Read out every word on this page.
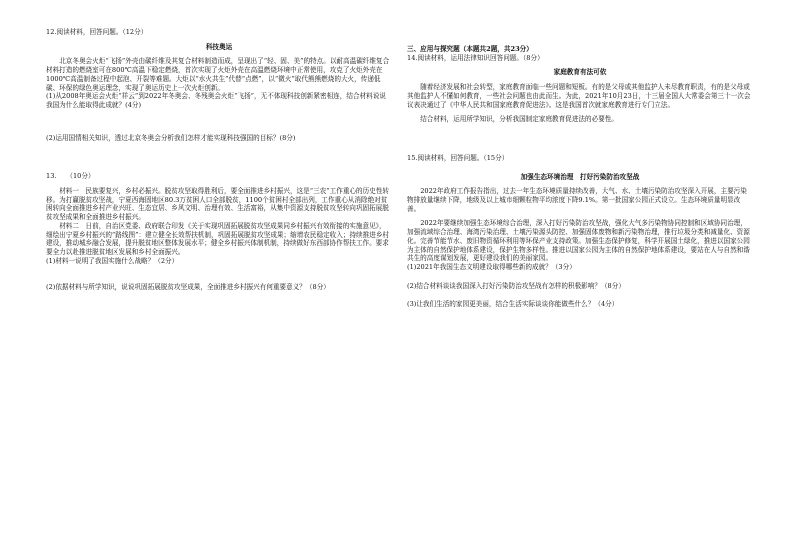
12.阅读材料，回答问题。（12分）

科技奥运

北京冬奥会火炬“飞扬”外壳由碳纤维及其复合材料制造而成，呈现出了“轻、固、美”的特点。以耐高温碳纤维复合材料打造的燃烧室可在800℃高温下稳定燃烧，首次实现了火炬外壳在高温燃烧环境中正常使用，攻克了火炬外壳在1000℃高温制备过程中起泡、开裂等难题。大炬以“水火共生”代替“点燃”，以“微火”取代熊熊燃烧的大火，传递低碳、环保的绿色奥运理念，实现了奥运历史上一次火炬创新。

(1)从2008年奥运会火炬“祥云”到2022年冬奥会、冬残奥会火炬“飞扬”，无不体现科技创新紧密相连，结合材料说说我国为什么能取得此成就？(4分)

(2)运用国情相关知识，透过北京冬奥会分析我们怎样才能实现科技强国的目标？(8分)

13.　　（10分）

材料一　民族要复兴，乡村必振兴。脱贫攻坚取得胜利后，要全面推进乡村振兴，这是“三农”工作重心的历史性转移。为打赢脱贫攻坚战，宁夏西海固地区80.3万贫困人口全部脱贫，1100个贫困村全部出列，工作重心从消除绝对贫困转向全面推进乡村产业兴旺、生态宜居、乡风文明、治理有效、生活富裕，从集中资源支持脱贫攻坚转向巩固拓展脱贫攻坚成果和全面推进乡村振兴。

材料二　日前，自治区党委、政府联合印发《关于实现巩固拓展脱贫攻坚成果同乡村振兴有效衔接的实施意见》，细绘出宁夏乡村振兴的“路线图”：建立健全长效帮扶机制，巩固拓展脱贫攻坚成果；缩增农民稳定收入；持续推进乡村建设，推动城乡融合发展，提升脱贫地区整体发展水平；健全乡村振兴体制机制，持续做好东西部协作帮扶工作。要求要全力以赴推进脱贫地区发展和乡村全面振兴。

(1)材料一说明了我国实施什么战略？（2分）

(2)依据材料与所学知识，说说巩固拓展脱贫攻坚成果，全面推进乡村振兴有何重要意义？（8分）

三、应用与探究题（本题共2题，共23分）

14.阅读材料，运用法律知识回答问题。（8分）

家庭教育有法可依

随着经济发展和社会转型，家庭教育面临一些问题和短板。有的是父母或其他监护人未尽教育职责，有的是父母或其他监护人不懂如何教育，一些社会问题也由此而生。为此，2021年10月23日，十三届全国人大常委会第三十一次会议表决通过了《中华人民共和国家庭教育促进法》。这是我国首次就家庭教育进行专门立法。

结合材料，运用所学知识，分析我国制定家庭教育促进法的必要性。

15.阅读材料，回答问题。（15分）

加强生态环境治理　打好污染防治攻坚战

2022年政府工作报告指出，过去一年生态环境质量持续改善，大气、水、土壤污染防治攻坚深入开展，主要污染物排放量继续下降，地级及以上城市细颗粒物平均浓度下降9.1%。第一批国家公园正式设立。生态环境质量明显改善。

2022年要继续加强生态环境综合治理，深入打好污染防治攻坚战，强化大气多污染物协同控制和区域协同治理，加强流域综合治理、海湾污染治理、土壤污染源头防控、加强固体废物和新污染物治理，推行垃圾分类和减量化、资源化。完善节能节水、废旧物资循环利用等环保产业支持政策。加强生态保护修复，科学开展国土绿化，推进以国家公园为主体的自然保护地体系建设，保护生物多样性。推进以国家公园为主体的自然保护地体系建设，要站在人与自然和谐共生的高度谋划发展，更好建设我们的美丽家园。

(1)2021年我国生态文明建设取得哪些新的成就？（3分）

(2)结合材料谈谈我国深入打好污染防治攻坚战有怎样的积极影响？（8分）

(3)让我们生活的家园更美丽，结合生活实际谈谈你能做些什么？（4分）
